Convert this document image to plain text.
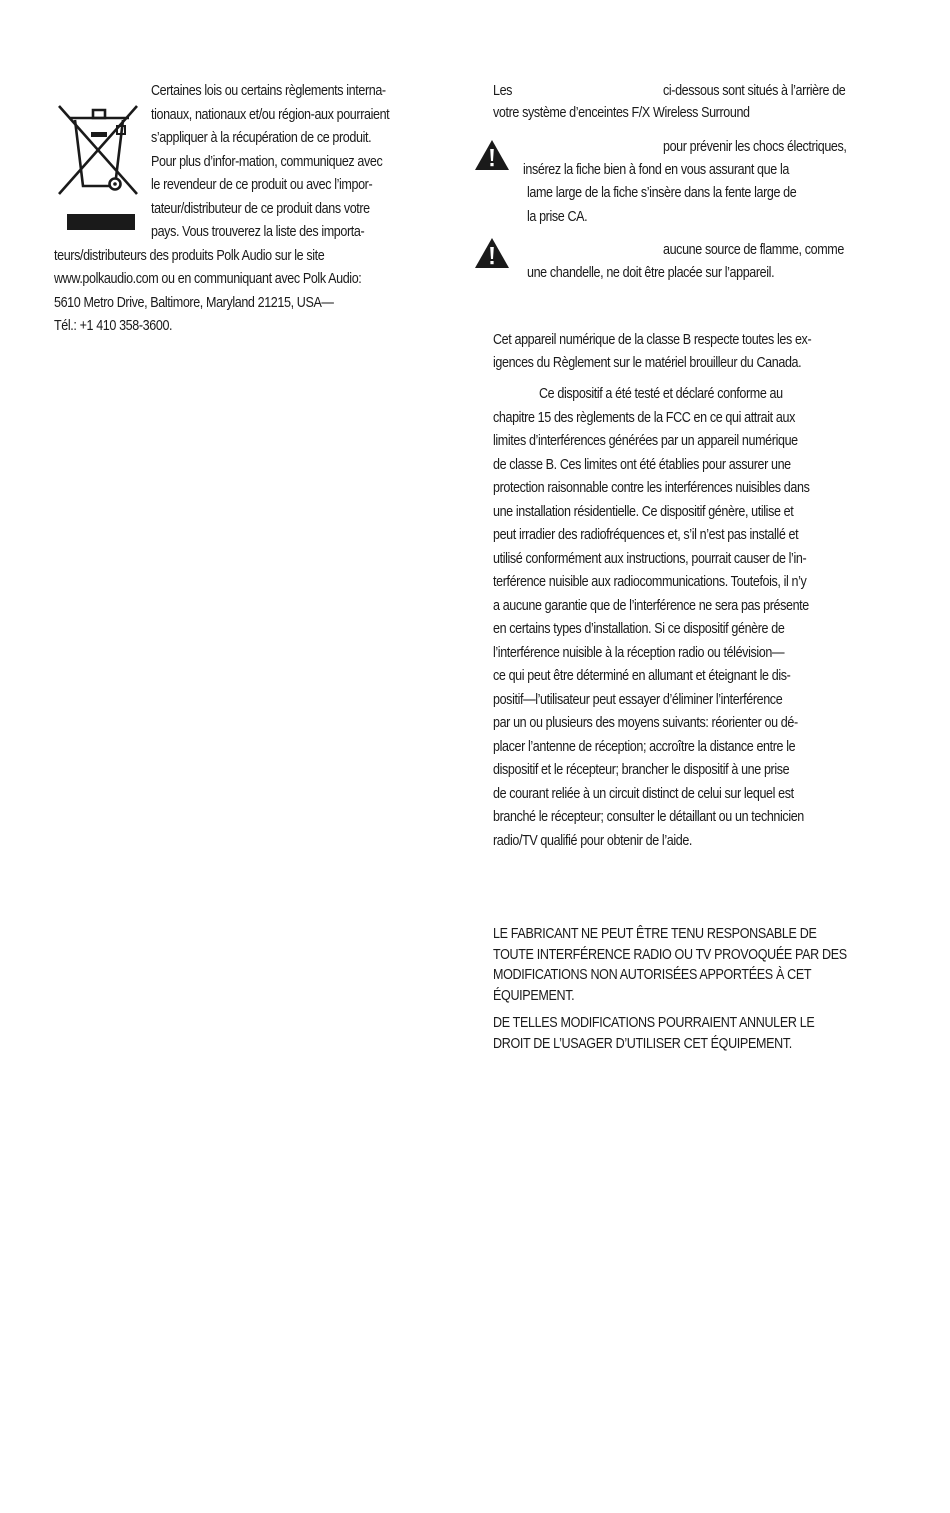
Certaines lois ou certains règlements interna-
tionaux, nationaux et/ou région-aux pourraient
s’appliquer à la récupération de ce produit.
Pour plus d’infor-mation, communiquez avec
le revendeur de ce produit ou avec l’impor-
tateur/distributeur de ce produit dans votre
pays. Vous trouverez la liste des importa-
teurs/distributeurs des produits Polk Audio sur le site
www.polkaudio.com ou en communiquant avec Polk Audio:
5610 Metro Drive, Baltimore, Maryland 21215, USA—
Tél.: +1 410 358-3600.
Les	ci-dessous sont situés à l’arrière de
votre système d’enceintes F/X Wireless Surround
pour prévenir les chocs électriques,
insérez la fiche bien à fond en vous assurant que la
lame large de la fiche s’insère dans la fente large de
la prise CA.
aucune source de flamme, comme
une chandelle, ne doit être placée sur l’appareil.
Cet appareil numérique de la classe B respecte toutes les ex-
igences du Règlement sur le matériel brouilleur du Canada.
Ce dispositif a été testé et déclaré conforme au
chapitre 15 des règlements de la FCC en ce qui attrait aux
limites d’interférences générées par un appareil numérique
de classe B. Ces limites ont été établies pour assurer une
protection raisonnable contre les interférences nuisibles dans
une installation résidentielle. Ce dispositif génère, utilise et
peut irradier des radiofréquences et, s’il n’est pas installé et
utilisé conformément aux instructions, pourrait causer de l’in-
terférence nuisible aux radiocommunications. Toutefois, il n’y
a aucune garantie que de l’interférence ne sera pas présente
en certains types d’installation. Si ce dispositif génère de
l’interférence nuisible à la réception radio ou télévision—
ce qui peut être déterminé en allumant et éteignant le dis-
positif—l’utilisateur peut essayer d’éliminer l’interférence
par un ou plusieurs des moyens suivants: réorienter ou dé-
placer l’antenne de réception; accroître la distance entre le
dispositif et le récepteur; brancher le dispositif à une prise
de courant reliée à un circuit distinct de celui sur lequel est
branché le récepteur; consulter le détaillant ou un technicien
radio/TV qualifié pour obtenir de l’aide.
LE FABRICANT NE PEUT ÊTRE TENU RESPONSABLE DE
TOUTE INTERFÉRENCE RADIO OU TV PROVOQUÉE PAR DES
MODIFICATIONS NON AUTORISÉES APPORTÉES À CET
ÉQUIPEMENT.
DE TELLES MODIFICATIONS POURRAIENT ANNULER LE
DROIT DE L’USAGER D’UTILISER CET ÉQUIPEMENT.
